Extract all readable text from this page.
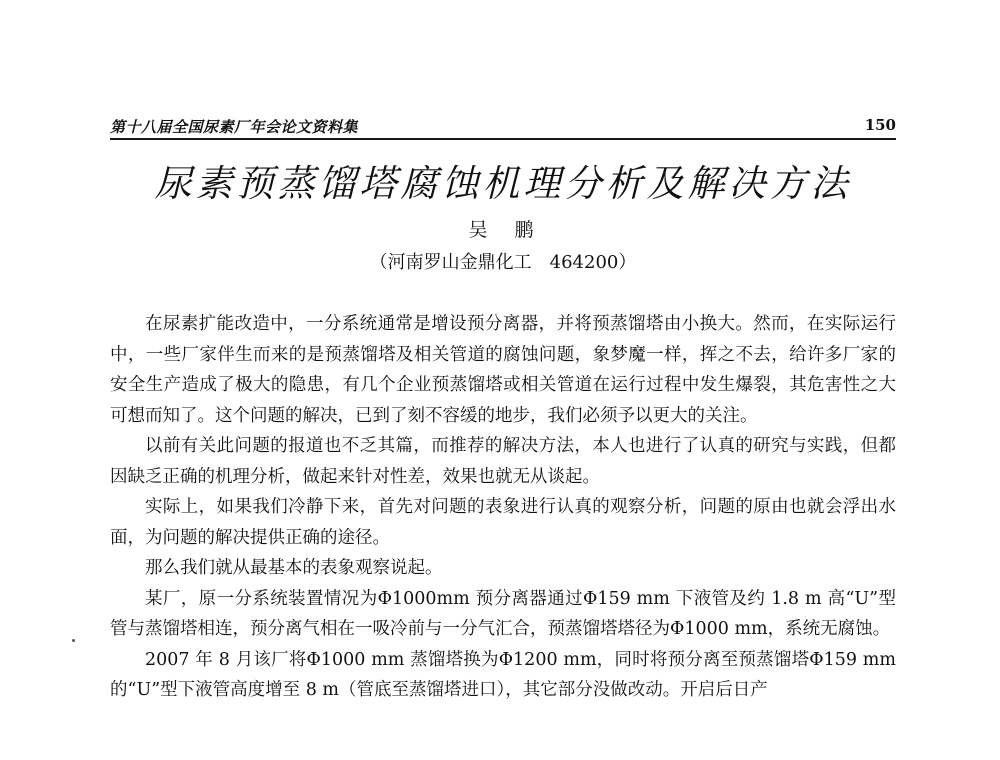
第十八届全国尿素厂年会论文资料集	150
尿素预蒸馏塔腐蚀机理分析及解决方法
吴　鹏
（河南罗山金鼎化工　464200）

在尿素扩能改造中，一分系统通常是增设预分离器，并将预蒸馏塔由小换大。然而，在实际运行中，一些厂家伴生而来的是预蒸馏塔及相关管道的腐蚀问题，象梦魔一样，挥之不去，给许多厂家的安全生产造成了极大的隐患，有几个企业预蒸馏塔或相关管道在运行过程中发生爆裂，其危害性之大可想而知了。这个问题的解决，已到了刻不容缓的地步，我们必须予以更大的关注。

以前有关此问题的报道也不乏其篇，而推荐的解决方法，本人也进行了认真的研究与实践，但都因缺乏正确的机理分析，做起来针对性差，效果也就无从谈起。

实际上，如果我们冷静下来，首先对问题的表象进行认真的观察分析，问题的原由也就会浮出水面，为问题的解决提供正确的途径。

那么我们就从最基本的表象观察说起。

某厂，原一分系统装置情况为Φ1000mm 预分离器通过Φ159 mm 下液管及约 1.8 m 高“U”型管与蒸馏塔相连，预分离气相在一吸冷前与一分气汇合，预蒸馏塔塔径为Φ1000 mm，系统无腐蚀。

2007 年 8 月该厂将Φ1000 mm 蒸馏塔换为Φ1200 mm，同时将预分离至预蒸馏塔Φ159 mm 的“U”型下液管高度增至 8 m（管底至蒸馏塔进口），其它部分没做改动。开启后日产
